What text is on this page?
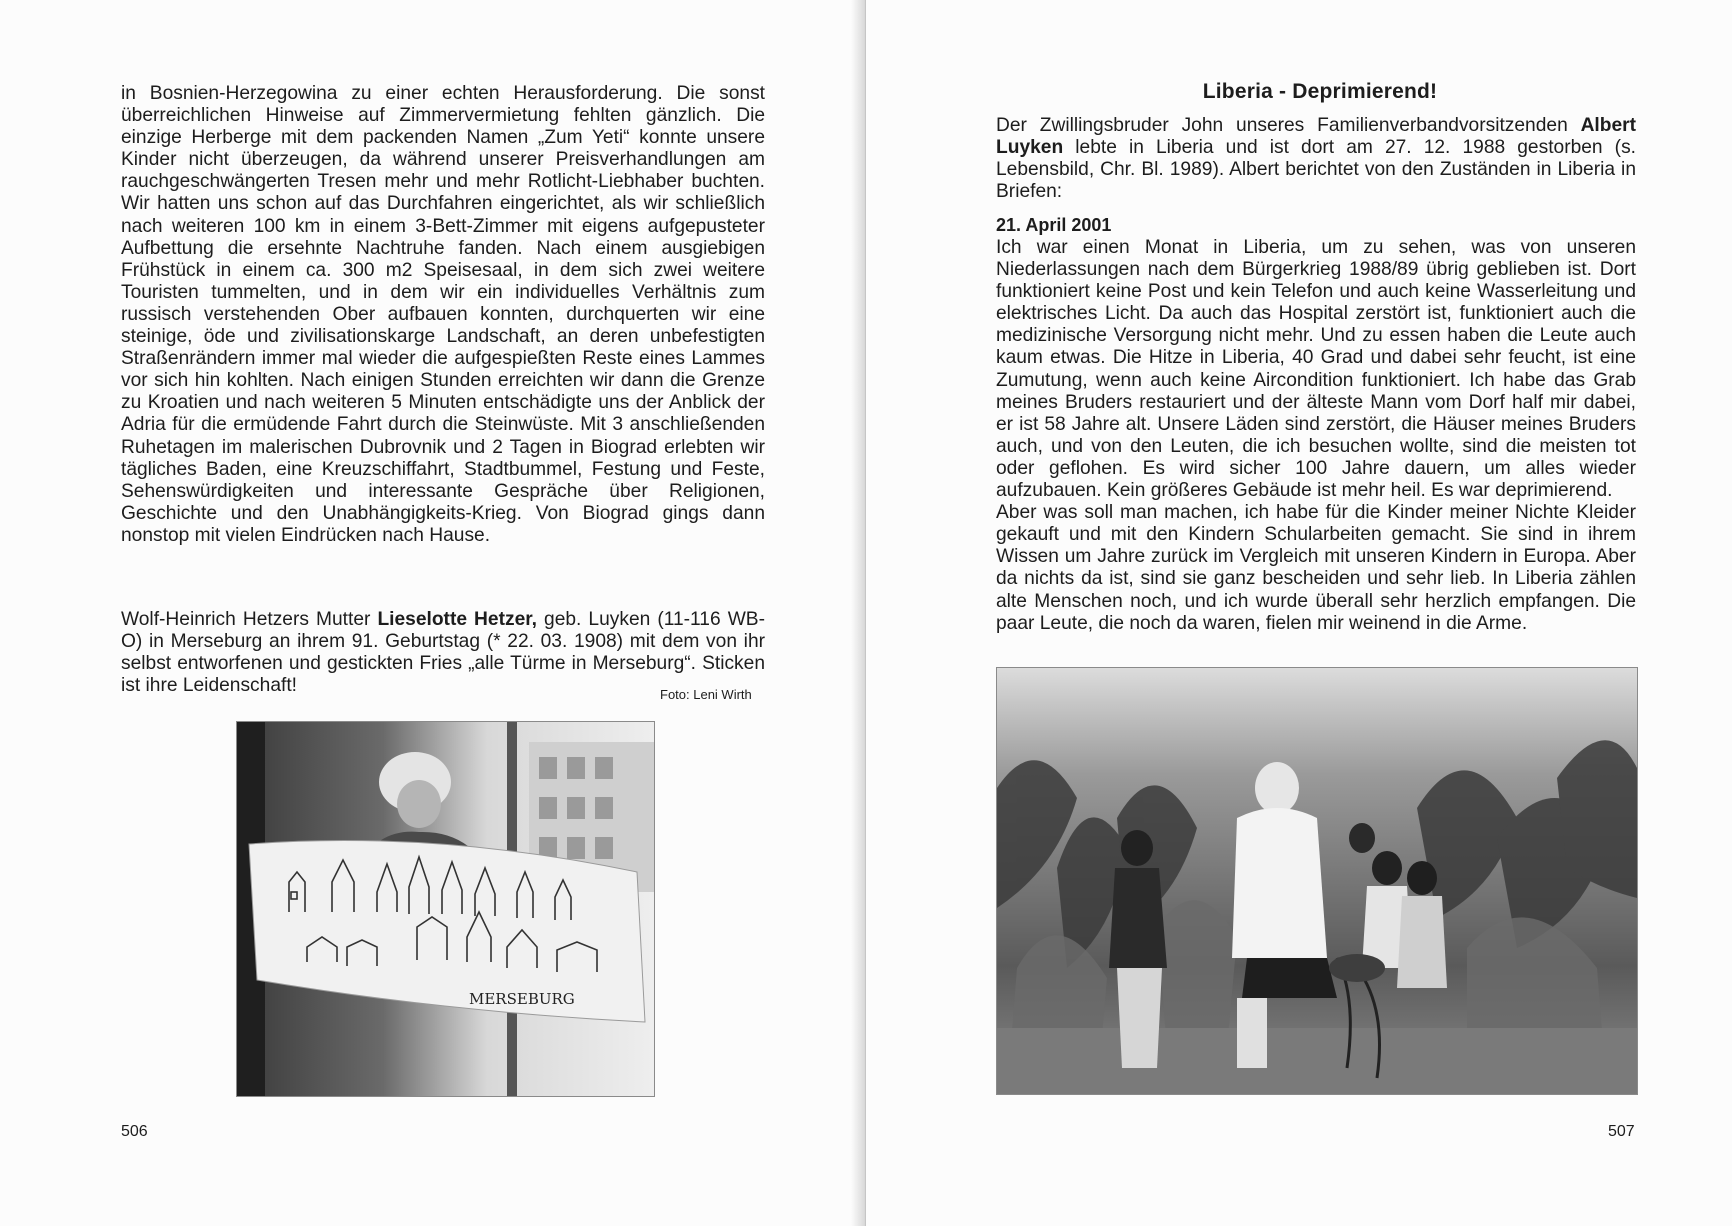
in Bosnien-Herzegowina zu einer echten Herausforderung. Die sonst überreichlichen Hinweise auf Zimmervermietung fehlten gänzlich. Die einzige Herberge mit dem packenden Namen „Zum Yeti“ konnte unsere Kinder nicht überzeugen, da während unserer Preisverhandlungen am rauchgeschwängerten Tresen mehr und mehr Rotlicht-Liebhaber buchten. Wir hatten uns schon auf das Durchfahren eingerichtet, als wir schließlich nach weiteren 100 km in einem 3-Bett-Zimmer mit eigens aufgepusteter Aufbettung die ersehnte Nachtruhe fanden. Nach einem ausgiebigen Frühstück in einem ca. 300 m2 Speisesaal, in dem sich zwei weitere Touristen tummelten, und in dem wir ein individuelles Verhältnis zum russisch verstehenden Ober aufbauen konnten, durchquerten wir eine steinige, öde und zivilisationskarge Landschaft, an deren unbefestigten Straßenrändern immer mal wieder die aufgespießten Reste eines Lammes vor sich hin kohlten. Nach einigen Stunden erreichten wir dann die Grenze zu Kroatien und nach weiteren 5 Minuten entschädigte uns der Anblick der Adria für die ermüdende Fahrt durch die Steinwüste. Mit 3 anschließenden Ruhetagen im malerischen Dubrovnik und 2 Tagen in Biograd erlebten wir tägliches Baden, eine Kreuzschiffahrt, Stadtbummel, Festung und Feste, Sehenswürdigkeiten und interessante Gespräche über Religionen, Geschichte und den Unabhängigkeits-Krieg. Von Biograd gings dann nonstop mit vielen Eindrücken nach Hause.

Wolf-Heinrich Hetzers Mutter Lieselotte Hetzer, geb. Luyken (11-116 WB-O) in Merseburg an ihrem 91. Geburtstag (* 22. 03. 1908) mit dem von ihr selbst entworfenen und gestickten Fries „alle Türme in Merseburg“. Sticken ist ihre Leidenschaft!	Foto: Leni Wirth
MERSEBURG
506
Liberia - Deprimierend!

Der Zwillingsbruder John unseres Familienverbandvorsitzenden Albert Luyken lebte in Liberia und ist dort am 27. 12. 1988 gestorben (s. Lebensbild, Chr. Bl. 1989). Albert berichtet von den Zuständen in Liberia in Briefen:

21. April 2001

Ich war einen Monat in Liberia, um zu sehen, was von unseren Niederlassungen nach dem Bürgerkrieg 1988/89 übrig geblieben ist. Dort funktioniert keine Post und kein Telefon und auch keine Wasserleitung und elektrisches Licht. Da auch das Hospital zerstört ist, funktioniert auch die medizinische Versorgung nicht mehr. Und zu essen haben die Leute auch kaum etwas. Die Hitze in Liberia, 40 Grad und dabei sehr feucht, ist eine Zumutung, wenn auch keine Aircondition funktioniert. Ich habe das Grab meines Bruders restauriert und der älteste Mann vom Dorf half mir dabei, er ist 58 Jahre alt. Unsere Läden sind zerstört, die Häuser meines Bruders auch, und von den Leuten, die ich besuchen wollte, sind die meisten tot oder geflohen. Es wird sicher 100 Jahre dauern, um alles wieder aufzubauen. Kein größeres Gebäude ist mehr heil. Es war deprimierend.

Aber was soll man machen, ich habe für die Kinder meiner Nichte Kleider gekauft und mit den Kindern Schularbeiten gemacht. Sie sind in ihrem Wissen um Jahre zurück im Vergleich mit unseren Kindern in Europa. Aber da nichts da ist, sind sie ganz bescheiden und sehr lieb. In Liberia zählen alte Menschen noch, und ich wurde überall sehr herzlich empfangen. Die paar Leute, die noch da waren, fielen mir weinend in die Arme.

507
